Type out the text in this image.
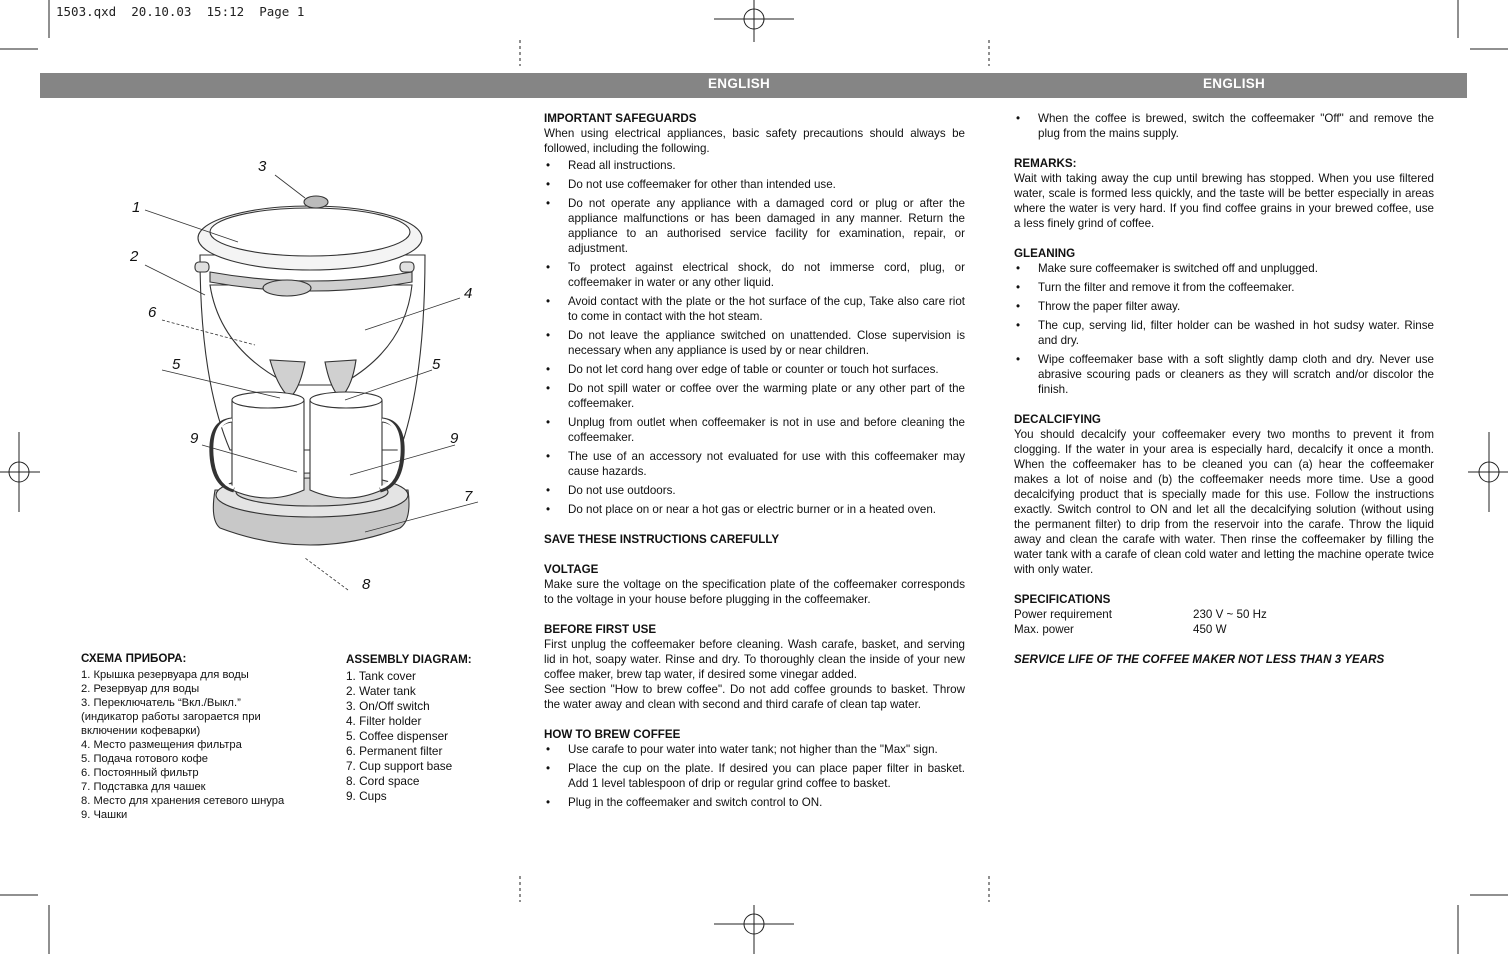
1503.qxd  20.10.03  15:12  Page 1
ENGLISH	ENGLISH
3
1
2
4
6
5	5
9	9
7
8
СХЕМА ПРИБОРА:
1. Крышка резервуара для воды
2. Резервуар для воды
3. Переключатель “Вкл./Выкл.”
(индикатор работы загорается при
включении кофеварки)
4. Место размещения фильтра
5. Подача готового кофе
6. Постоянный фильтр
7. Подставка для чашек
8. Место для хранения сетевого шнура
9. Чашки
ASSEMBLY DIAGRAM:
1. Tank cover
2. Water tank
3. On/Off switch
4. Filter holder
5. Coffee dispenser
6. Permanent filter
7. Cup support base
8. Cord space
9. Cups
IMPORTANT SAFEGUARDS

When using electrical appliances, basic safety precautions should always be followed, including the following.

• Read all instructions.
• Do not use coffeemaker for other than intended use.
• Do not operate any appliance with a damaged cord or plug or after the appliance malfunctions or has been damaged in any manner. Return the appliance to an authorised service facility for examination, repair, or adjustment.
• To protect against electrical shock, do not immerse cord, plug, or coffeemaker in water or any other liquid.
• Avoid contact with the plate or the hot surface of the cup, Take also care riot to come in contact with the hot steam.
• Do not leave the appliance switched on unattended. Close supervision is necessary when any appliance is used by or near children.
• Do not let cord hang over edge of table or counter or touch hot surfaces.
• Do not spill water or coffee over the warming plate or any other part of the coffeemaker.
• Unplug from outlet when coffeemaker is not in use and before cleaning the coffeemaker.
• The use of an accessory not evaluated for use with this coffeemaker may cause hazards.
• Do not use outdoors.
• Do not place on or near a hot gas or electric burner or in a heated oven.
SAVE THESE INSTRUCTIONS CAREFULLY
VOLTAGE

Make sure the voltage on the specification plate of the coffeemaker corresponds to the voltage in your house before plugging in the coffeemaker.

BEFORE FIRST USE

First unplug the coffeemaker before cleaning. Wash carafe, basket, and serving lid in hot, soapy water. Rinse and dry. To thoroughly clean the inside of your new coffee maker, brew tap water, if desired some vinegar added.

See section "How to brew coffee". Do not add coffee grounds to basket. Throw the water away and clean with second and third carafe of clean tap water.

HOW TO BREW COFFEE
• Use carafe to pour water into water tank; not higher than the "Max" sign.
• Place the cup on the plate. If desired you can place paper filter in basket. Add 1 level tablespoon of drip or regular grind coffee to basket.
• Plug in the coffeemaker and switch control to ON.
• When the coffee is brewed, switch the coffeemaker "Off" and remove the plug from the mains supply.
REMARKS:

Wait with taking away the cup until brewing has stopped. When you use filtered water, scale is formed less quickly, and the taste will be better especially in areas where the water is very hard. If you find coffee grains in your brewed coffee, use a less finely grind of coffee.

GLEANING
• Make sure coffeemaker is switched off and unplugged.
• Turn the filter and remove it from the coffeemaker.
• Throw the paper filter away.
• The cup, serving lid, filter holder can be washed in hot sudsy water. Rinse and dry.
• Wipe coffeemaker base with a soft slightly damp cloth and dry. Never use abrasive scouring pads or cleaners as they will scratch and/or discolor the finish.
DECALCIFYING

You should decalcify your coffeemaker every two months to prevent it from clogging. If the water in your area is especially hard, decalcify it once a month. When the coffeemaker has to be cleaned you can (a) hear the coffeemaker makes a lot of noise and (b) the coffeemaker needs more time. Use a good decalcifying product that is specially made for this use. Follow the instructions exactly. Switch control to ON and let all the decalcifying solution (without using the permanent filter) to drip from the reservoir into the carafe. Throw the liquid away and clean the carafe with water. Then rinse the coffeemaker by filling the water tank with a carafe of clean cold water and letting the machine operate twice with only water.

SPECIFICATIONS
Power requirement	230 V ~ 50 Hz
Max. power	450 W
SERVICE LIFE OF THE COFFEE MAKER NOT LESS THAN 3 YEARS
